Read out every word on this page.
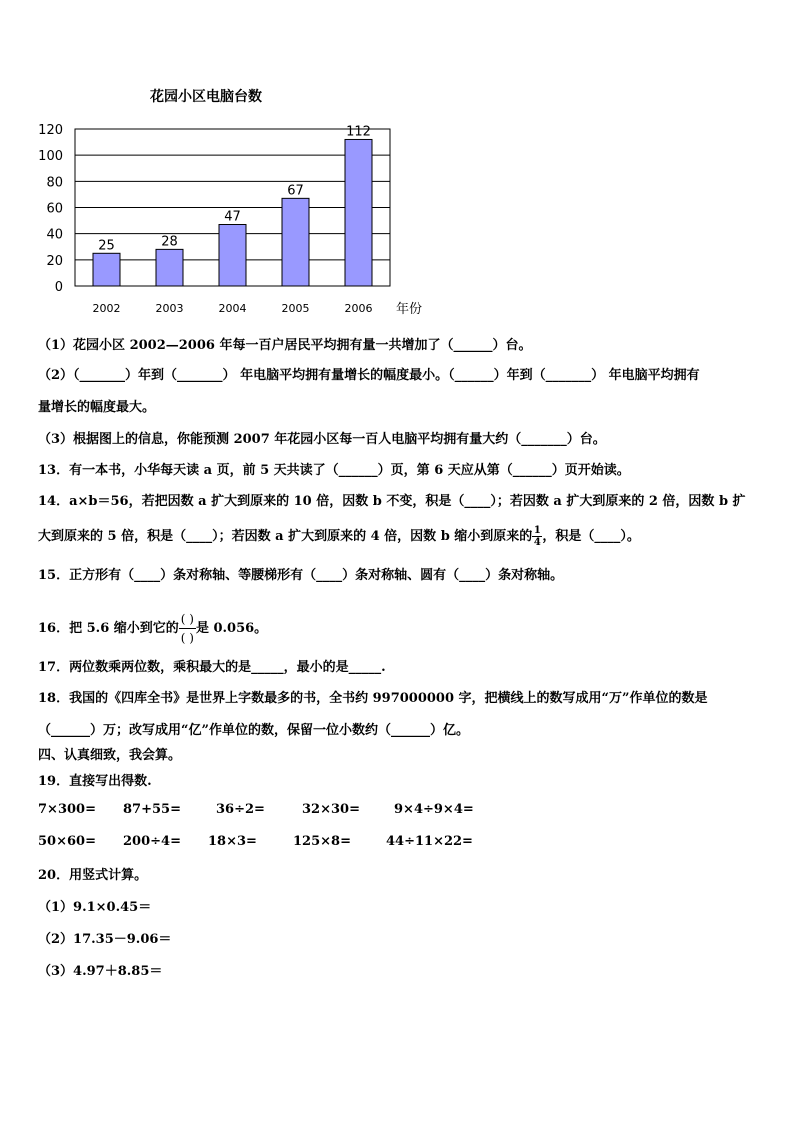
花园小区电脑台数
0
20
40
60
80
100
120
25
2002
28
2003
47
2004
67
2005
112
2006 年份
（1）花园小区 2002—2006 年每一百户居民平均拥有量一共增加了（______）台。
（2）（_______）年到（_______） 年电脑平均拥有量增长的幅度最小。（______）年到（_______） 年电脑平均拥有
量增长的幅度最大。
（3）根据图上的信息，你能预测 2007 年花园小区每一百人电脑平均拥有量大约（_______）台。
13．有一本书，小华每天读 a 页，前 5 天共读了（______）页，第 6 天应从第（______）页开始读。
14．a×b＝56，若把因数 a 扩大到原来的 10 倍，因数 b 不变，积是（____）；若因数 a 扩大到原来的 2 倍，因数 b 扩
大到原来的 5 倍，积是（____）；若因数 a 扩大到原来的 4 倍，因数 b 缩小到原来的 $\frac{1}{4}$ ，积是（____）。
15．正方形有（____）条对称轴、等腰梯形有（____）条对称轴、圆有（____）条对称轴。
16．把 5.6 缩小到它的
( )
( )
是 0.056。
17．两位数乘两位数，乘积最大的是_____，最小的是_____.
18．我国的《四库全书》是世界上字数最多的书，全书约 997000000 字，把横线上的数写成用“万”作单位的数是
（______）万；改写成用“亿”作单位的数，保留一位小数约（______）亿。
四、认真细致，我会算。
19．直接写出得数.
7×300= 87+55=	36÷2=	32×30=	9×4÷9×4=
50×60= 200÷4= 18×3=	125×8=	44÷11×22=
20．用竖式计算。
（1）9.1×0.45＝
（2）17.35－9.06＝
（3）4.97＋8.85＝
